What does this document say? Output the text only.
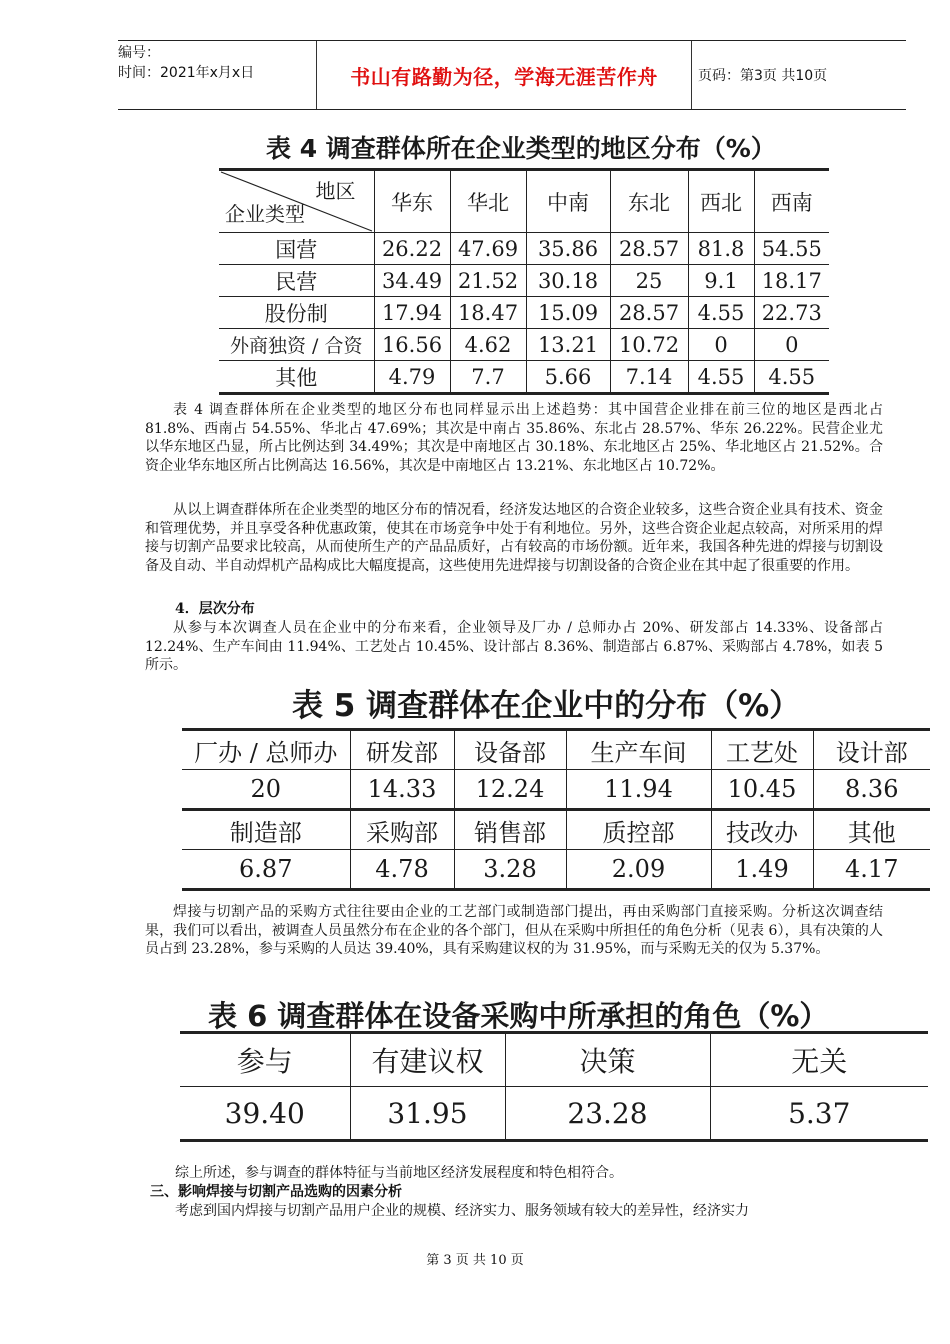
编号：
时间：2021年x月x日	书山有路勤为径，学海无涯苦作舟	页码：第3页 共10页
表 4 调查群体所在企业类型的地区分布（%）
地区
企业类型	华东	华北	中南	东北	西北	西南
国营	26.22	47.69	35.86	28.57	81.8	54.55
民营	34.49	21.52	30.18	25	9.1	18.17
股份制	17.94	18.47	15.09	28.57	4.55	22.73
外商独资 / 合资	16.56	4.62	13.21	10.72	0	0
其他	4.79	7.7	5.66	7.14	4.55	4.55
表 4 调查群体所在企业类型的地区分布也同样显示出上述趋势：其中国营企业排在前三位的地区是西北占 81.8%、西南占 54.55%、华北占 47.69%；其次是中南占 35.86%、东北占 28.57%、华东 26.22%。民营企业尤以华东地区凸显，所占比例达到 34.49%；其次是中南地区占 30.18%、东北地区占 25%、华北地区占 21.52%。合资企业华东地区所占比例高达 16.56%，其次是中南地区占 13.21%、东北地区占 10.72%。
从以上调查群体所在企业类型的地区分布的情况看，经济发达地区的合资企业较多，这些合资企业具有技术、资金和管理优势，并且享受各种优惠政策，使其在市场竞争中处于有利地位。另外，这些合资企业起点较高，对所采用的焊接与切割产品要求比较高，从而使所生产的产品品质好，占有较高的市场份额。近年来，我国各种先进的焊接与切割设备及自动、半自动焊机产品构成比大幅度提高，这些使用先进焊接与切割设备的合资企业在其中起了很重要的作用。
4．层次分布
从参与本次调查人员在企业中的分布来看，企业领导及厂办 / 总师办占 20%、研发部占 14.33%、设备部占 12.24%、生产车间由 11.94%、工艺处占 10.45%、设计部占 8.36%、制造部占 6.87%、采购部占 4.78%，如表 5 所示。
表 5 调查群体在企业中的分布（%）
厂办 / 总师办	研发部	设备部	生产车间	工艺处	设计部
20	14.33	12.24	11.94	10.45	8.36
制造部	采购部	销售部	质控部	技改办	其他
6.87	4.78	3.28	2.09	1.49	4.17
焊接与切割产品的采购方式往往要由企业的工艺部门或制造部门提出，再由采购部门直接采购。分析这次调查结果，我们可以看出，被调查人员虽然分布在企业的各个部门，但从在采购中所担任的角色分析（见表 6），具有决策的人员占到 23.28%，参与采购的人员达 39.40%，具有采购建议权的为 31.95%，而与采购无关的仅为 5.37%。
表 6 调查群体在设备采购中所承担的角色（%）
参与	有建议权	决策	无关
39.40	31.95	23.28	5.37
综上所述，参与调查的群体特征与当前地区经济发展程度和特色相符合。
三、影响焊接与切割产品选购的因素分析
考虑到国内焊接与切割产品用户企业的规模、经济实力、服务领域有较大的差异性，经济实力
第 3 页 共 10 页
